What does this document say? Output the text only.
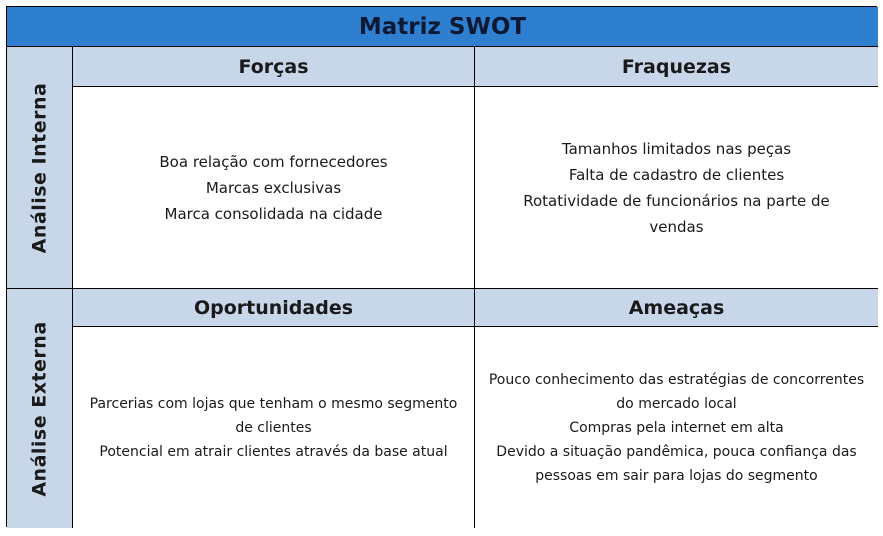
Matriz SWOT
Análise Interna
Forças	Fraquezas

Boa relação com fornecedores

Marcas exclusivas

Marca consolidada na cidade

Tamanhos limitados nas peças

Falta de cadastro de clientes

Rotatividade de funcionários na parte de

vendas

Análise Externa
Oportunidades	Ameaças

Parcerias com lojas que tenham o mesmo segmento

de clientes

Potencial em atrair clientes através da base atual

Pouco conhecimento das estratégias de concorrentes

do mercado local

Compras pela internet em alta

Devido a situação pandêmica, pouca confiança das

pessoas em sair para lojas do segmento
